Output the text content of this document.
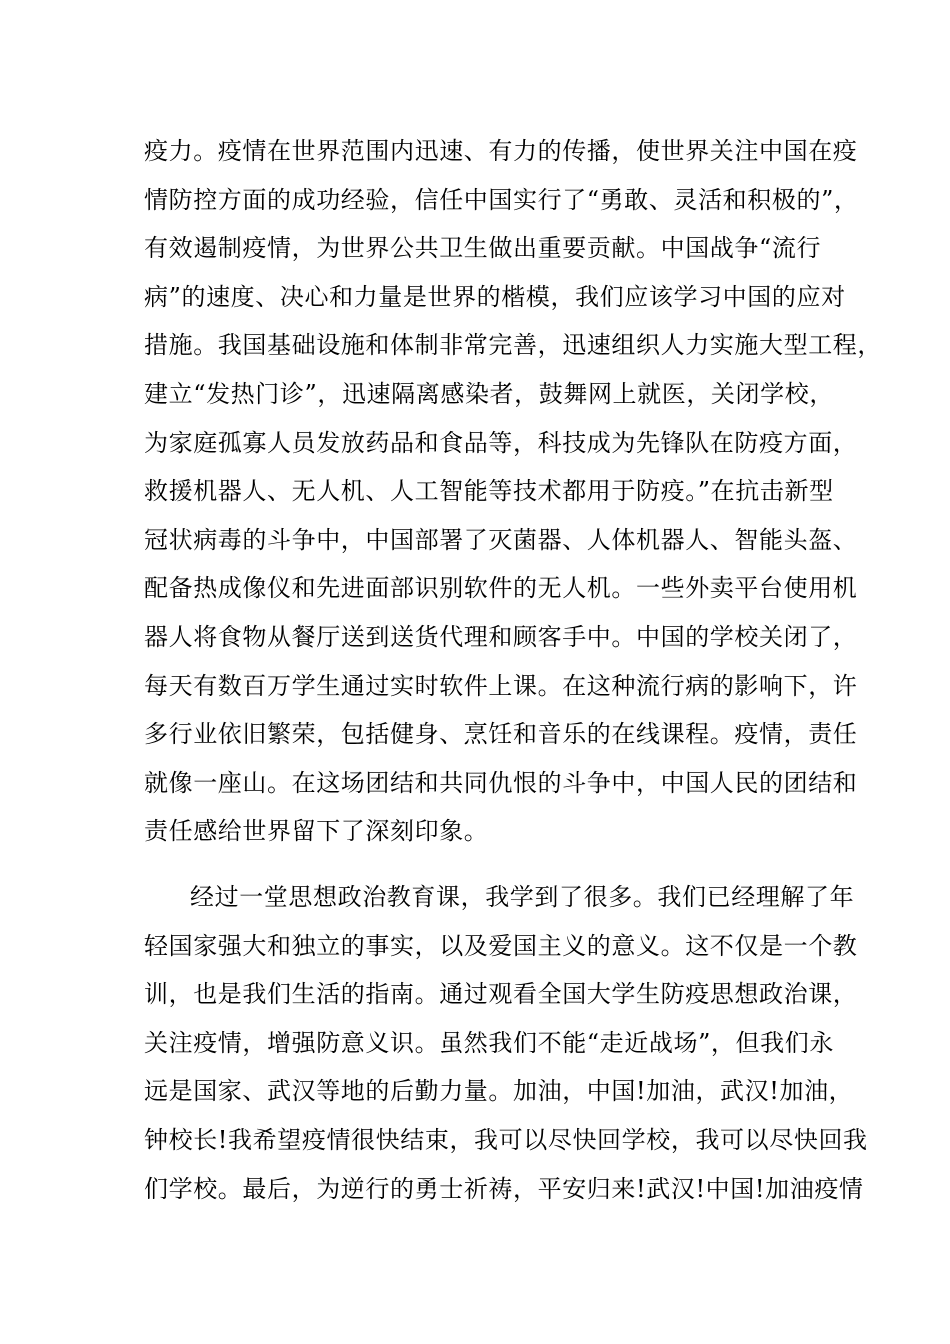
疫力。疫情在世界范围内迅速、有力的传播，使世界关注中国在疫
情防控方面的成功经验，信任中国实行了“勇敢、灵活和积极的”，
有效遏制疫情，为世界公共卫生做出重要贡献。中国战争“流行
病”的速度、决心和力量是世界的楷模，我们应该学习中国的应对
措施。我国基础设施和体制非常完善，迅速组织人力实施大型工程，
建立“发热门诊”，迅速隔离感染者，鼓舞网上就医，关闭学校，
为家庭孤寡人员发放药品和食品等，科技成为先锋队在防疫方面，
救援机器人、无人机、人工智能等技术都用于防疫。”在抗击新型
冠状病毒的斗争中，中国部署了灭菌器、人体机器人、智能头盔、
配备热成像仪和先进面部识别软件的无人机。一些外卖平台使用机
器人将食物从餐厅送到送货代理和顾客手中。中国的学校关闭了，
每天有数百万学生通过实时软件上课。在这种流行病的影响下，许
多行业依旧繁荣，包括健身、烹饪和音乐的在线课程。疫情，责任
就像一座山。在这场团结和共同仇恨的斗争中，中国人民的团结和
责任感给世界留下了深刻印象。
经过一堂思想政治教育课，我学到了很多。我们已经理解了年
轻国家强大和独立的事实，以及爱国主义的意义。这不仅是一个教
训，也是我们生活的指南。通过观看全国大学生防疫思想政治课，
关注疫情，增强防意义识。虽然我们不能“走近战场”，但我们永
远是国家、武汉等地的后勤力量。加油，中国!加油，武汉!加油，
钟校长!我希望疫情很快结束，我可以尽快回学校，我可以尽快回我
们学校。最后，为逆行的勇士祈祷，平安归来!武汉!中国!加油疫情
